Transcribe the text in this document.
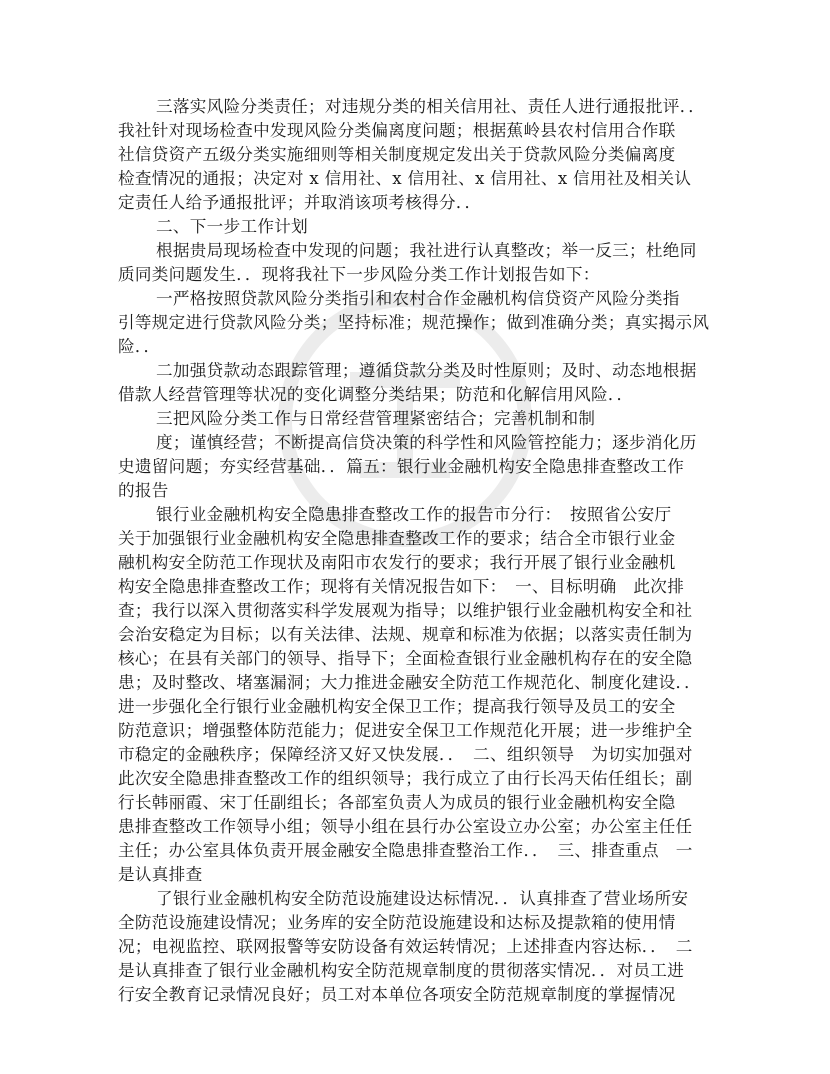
三落实风险分类责任；对违规分类的相关信用社、责任人进行通报批评．．
我社针对现场检查中发现风险分类偏离度问题；根据蕉岭县农村信用合作联
社信贷资产五级分类实施细则等相关制度规定发出关于贷款风险分类偏离度
检查情况的通报；决定对 x 信用社、x 信用社、x 信用社、x 信用社及相关认
定责任人给予通报批评；并取消该项考核得分．．
二、下一步工作计划
根据贵局现场检查中发现的问题；我社进行认真整改；举一反三；杜绝同
质同类问题发生．．现将我社下一步风险分类工作计划报告如下：
一严格按照贷款风险分类指引和农村合作金融机构信贷资产风险分类指
引等规定进行贷款风险分类；坚持标准；规范操作；做到准确分类；真实揭示风
险．．
二加强贷款动态跟踪管理；遵循贷款分类及时性原则；及时、动态地根据
借款人经营管理等状况的变化调整分类结果；防范和化解信用风险．．
三把风险分类工作与日常经营管理紧密结合；完善机制和制
度；谨慎经营；不断提高信贷决策的科学性和风险管控能力；逐步消化历
史遗留问题；夯实经营基础．．篇五：银行业金融机构安全隐患排查整改工作
的报告
银行业金融机构安全隐患排查整改工作的报告市分行：　按照省公安厅
关于加强银行业金融机构安全隐患排查整改工作的要求；结合全市银行业金
融机构安全防范工作现状及南阳市农发行的要求；我行开展了银行业金融机
构安全隐患排查整改工作；现将有关情况报告如下：　一、目标明确　此次排
查；我行以深入贯彻落实科学发展观为指导；以维护银行业金融机构安全和社
会治安稳定为目标；以有关法律、法规、规章和标准为依据；以落实责任制为
核心；在县有关部门的领导、指导下；全面检查银行业金融机构存在的安全隐
患；及时整改、堵塞漏洞；大力推进金融安全防范工作规范化、制度化建设．．
进一步强化全行银行业金融机构安全保卫工作；提高我行领导及员工的安全
防范意识；增强整体防范能力；促进安全保卫工作规范化开展；进一步维护全
市稳定的金融秩序；保障经济又好又快发展．．　二、组织领导　为切实加强对
此次安全隐患排查整改工作的组织领导；我行成立了由行长冯天佑任组长；副
行长韩丽霞、宋丁任副组长；各部室负责人为成员的银行业金融机构安全隐
患排查整改工作领导小组；领导小组在县行办公室设立办公室；办公室主任任
主任；办公室具体负责开展金融安全隐患排查整治工作．．　三、排查重点　一
是认真排查
了银行业金融机构安全防范设施建设达标情况．．认真排查了营业场所安
全防范设施建设情况；业务库的安全防范设施建设和达标及提款箱的使用情
况；电视监控、联网报警等安防设备有效运转情况；上述排查内容达标．．　二
是认真排查了银行业金融机构安全防范规章制度的贯彻落实情况．．对员工进
行安全教育记录情况良好；员工对本单位各项安全防范规章制度的掌握情况
